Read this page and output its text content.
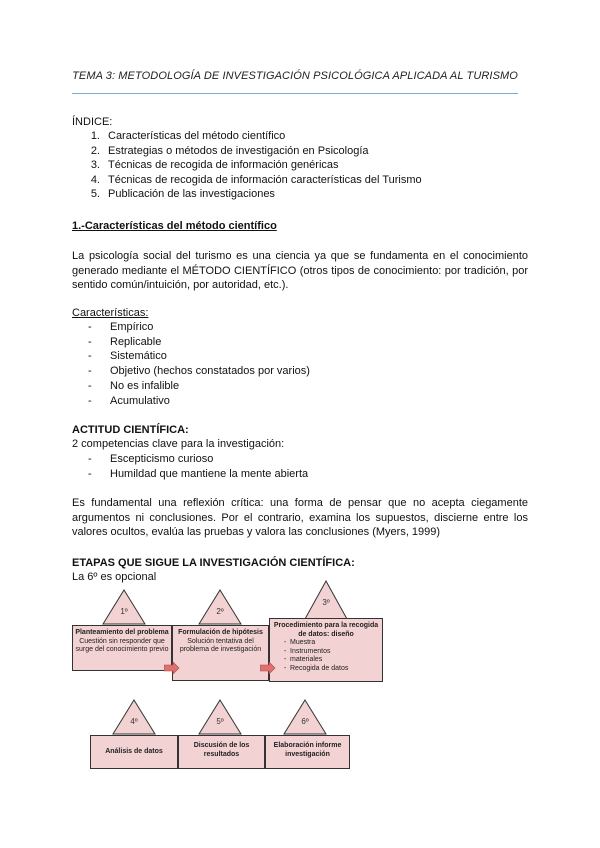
TEMA 3: METODOLOGÍA DE INVESTIGACIÓN PSICOLÓGICA APLICADA AL TURISMO
ÍNDICE:
1. Características del método científico
2. Estrategias o métodos de investigación en Psicología
3. Técnicas de recogida de información genéricas
4. Técnicas de recogida de información características del Turismo
5. Publicación de las investigaciones
1.-Características del método científico
La psicología social del turismo es una ciencia ya que se fundamenta en el conocimiento generado mediante el MÉTODO CIENTÍFICO (otros tipos de conocimiento: por tradición, por sentido común/intuición, por autoridad, etc.).
Características:
- Empírico
- Replicable
- Sistemático
- Objetivo (hechos constatados por varios)
- No es infalible
- Acumulativo
ACTITUD CIENTÍFICA:
2 competencias clave para la investigación:
- Escepticismo curioso
- Humildad que mantiene la mente abierta
Es fundamental una reflexión crítica: una forma de pensar que no acepta ciegamente argumentos ni conclusiones. Por el contrario, examina los supuestos, discierne entre los valores ocultos, evalúa las pruebas y valora las conclusiones (Myers, 1999)
ETAPAS QUE SIGUE LA INVESTIGACIÓN CIENTÍFICA:
La 6º es opcional
1º	2º
3º
Planteamiento del problema
Cuestión sin responder que surge del conocimiento previo
Formulación de hipótesis
Solución tentativa del problema de investigación
Procedimiento para la recogida de datos: diseño
- Muestra
- Instrumentos
- materiales
- Recogida de datos
4º	5º	6º
Análisis de datos
Discusión de los resultados
Elaboración informe investigación
